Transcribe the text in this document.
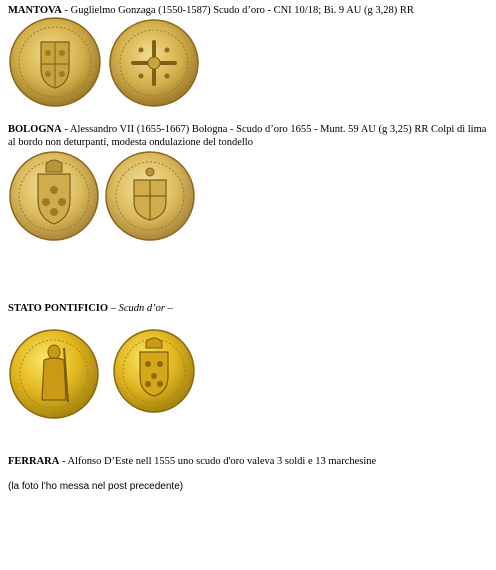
MANTOVA - Guglielmo Gonzaga (1550-1587) Scudo d’oro - CNI 10/18; Bi. 9 AU (g 3,28) RR
BOLOGNA - Alessandro VII (1655-1667) Bologna - Scudo d’oro 1655 - Munt. 59 AU (g 3,25) RR Colpi di lima al bordo non deturpanti, modesta ondulazione del tondello
STATO PONTIFICIO – Scudn d’or –
FERRARA - Alfonso D’Este nell 1555 uno scudo d'oro valeva 3 soldi e 13 marchesine
(la foto l’ho messa nel post precedente)
